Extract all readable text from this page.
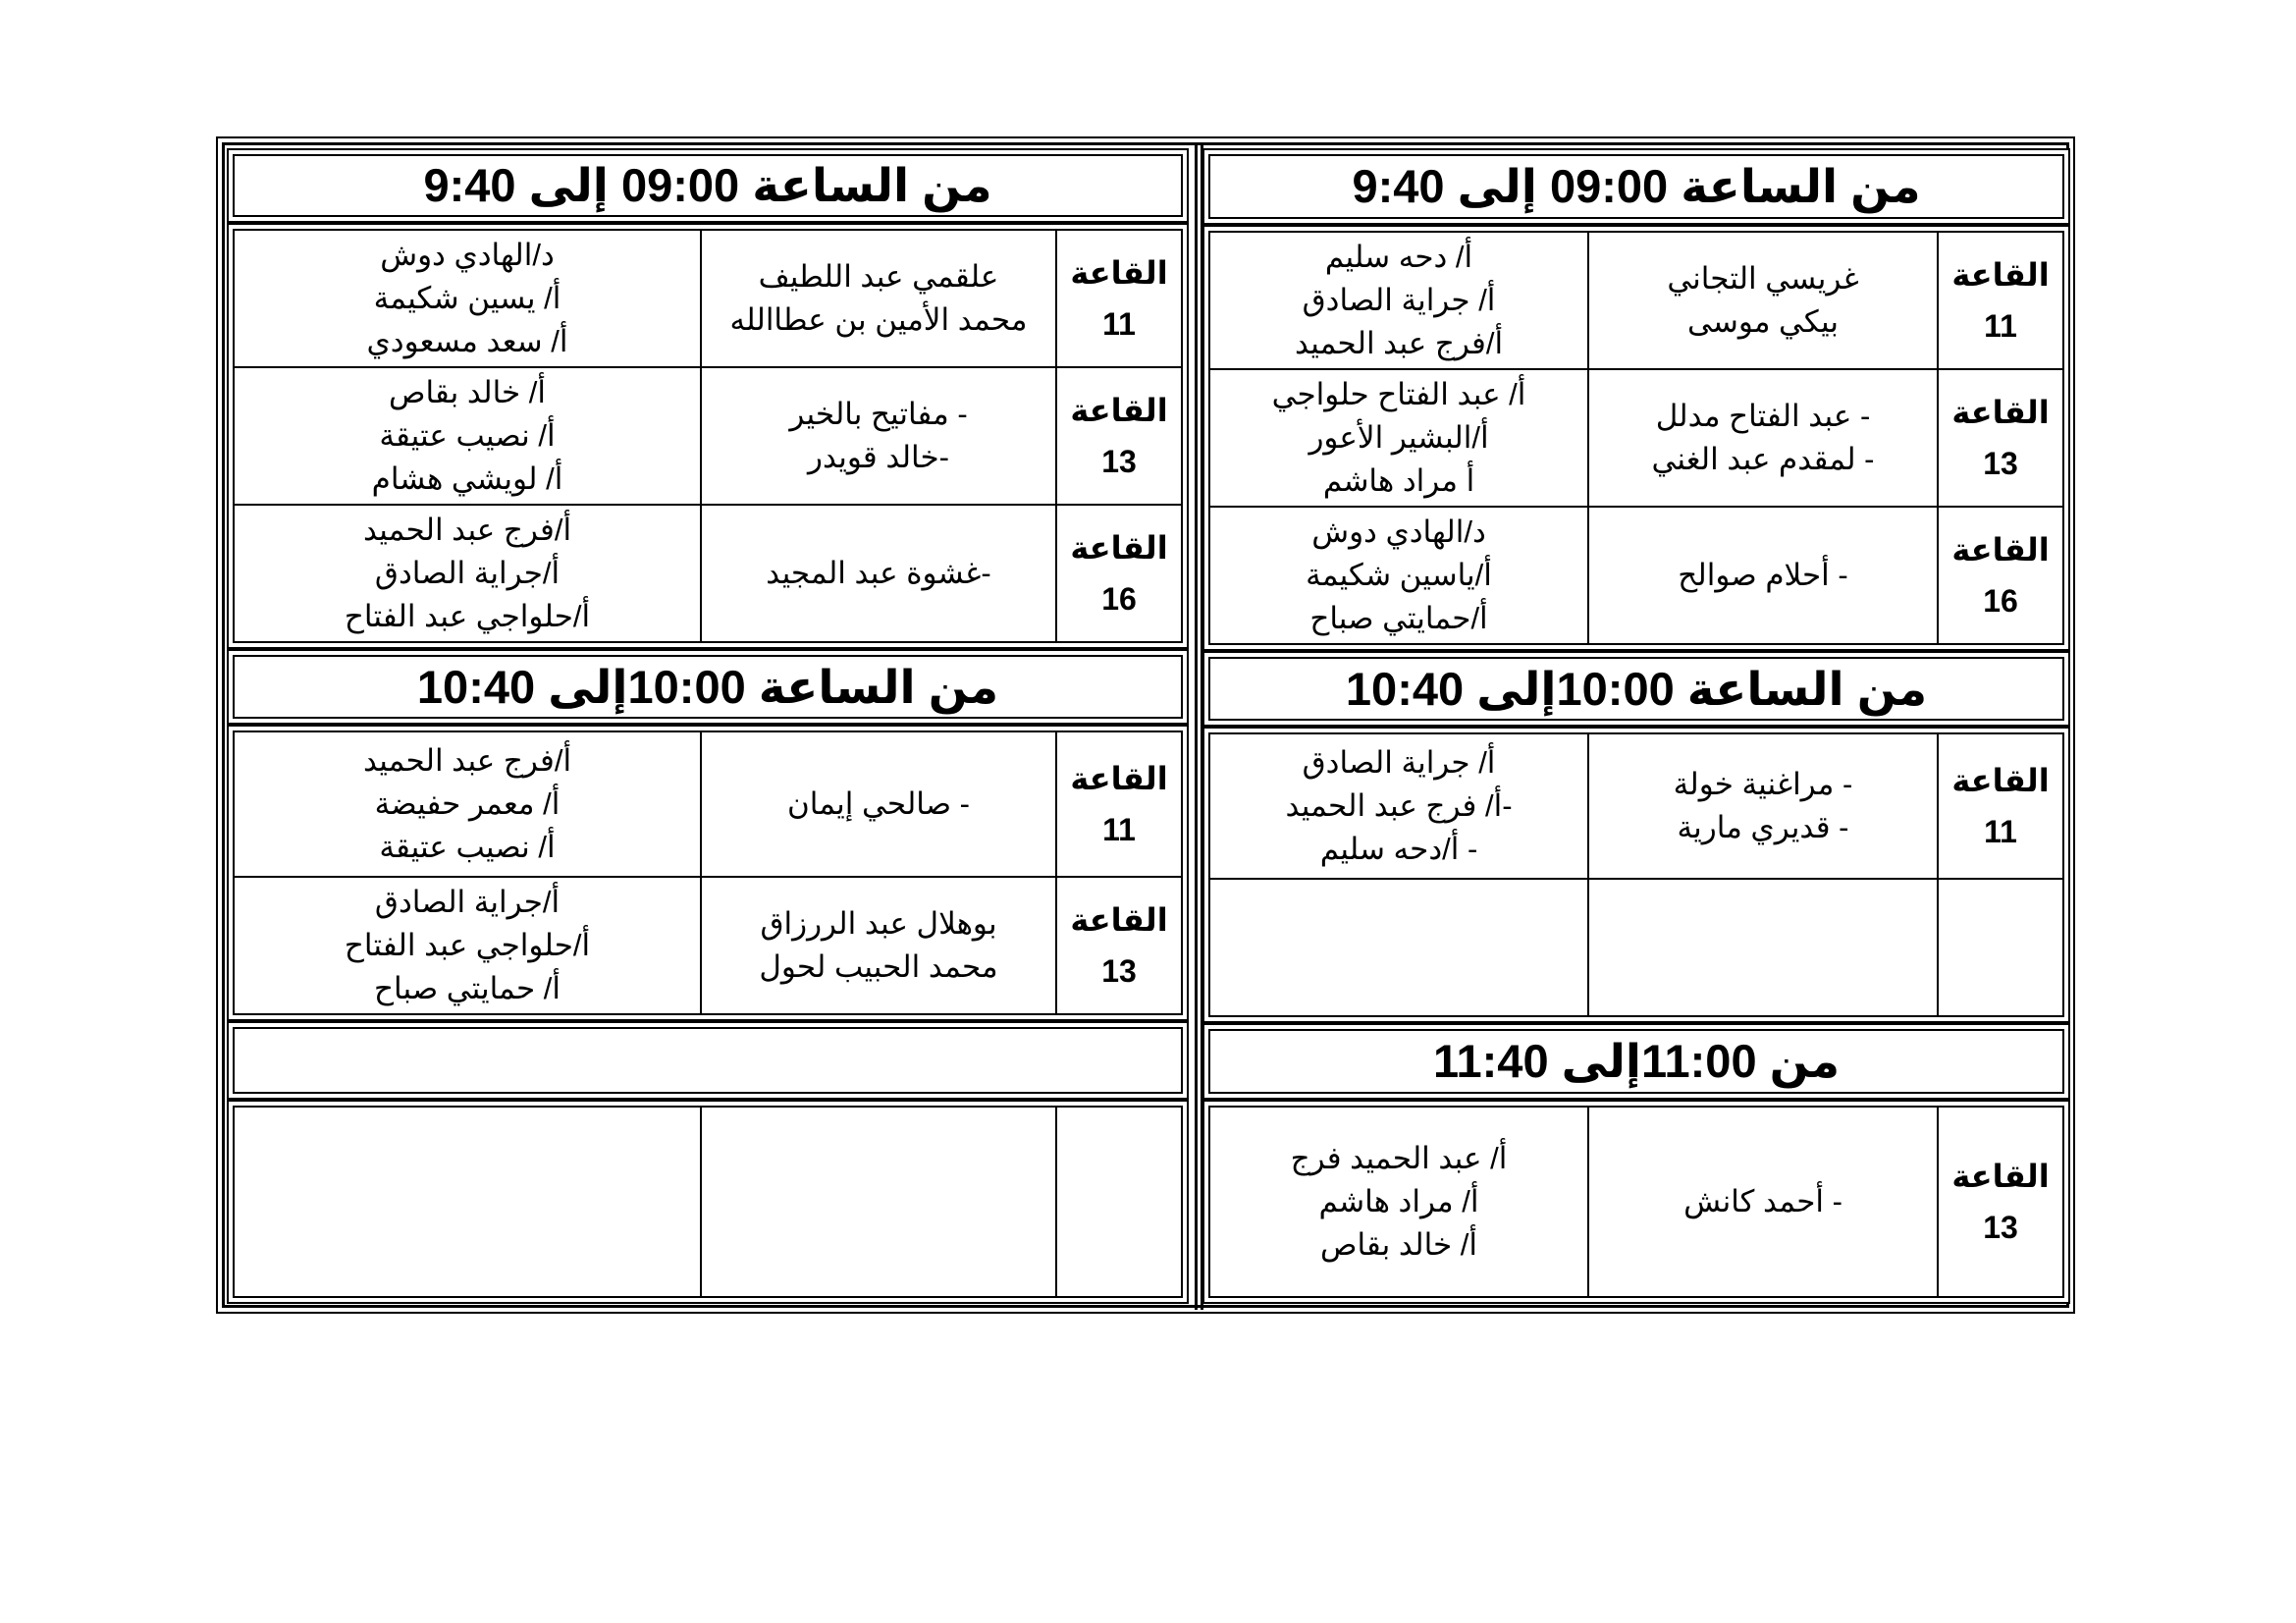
من الساعة 09:00 إلى 9:40
القاعة
11
غريسي التجاني
بيكي موسى
أ/ دحه سليم
أ/ جراية الصادق
أ/فرج عبد الحميد
القاعة
13
- عبد الفتاح مدلل
- لمقدم عبد الغني
أ/ عبد الفتاح حلواجي
أ/البشير الأعور
أ مراد هاشم
القاعة
16
- أحلام صوالح
د/الهادي دوش
أ/ياسين شكيمة
أ/حمايتي صباح
من الساعة 10:00إلى 10:40
القاعة
11
- مراغنية خولة
- قديري مارية
أ/ جراية الصادق
-أ/ فرج عبد الحميد
- أ/دحه سليم
من 11:00إلى 11:40
القاعة
13
- أحمد كانش
أ/ عبد الحميد فرج
أ/ مراد هاشم
أ/ خالد بقاص
من الساعة 09:00 إلى 9:40
القاعة
11
علقمي عبد اللطيف
محمد الأمين بن عطاالله
د/الهادي دوش
أ/ يسين شكيمة
أ/ سعد مسعودي
القاعة
13
- مفاتيح بالخير
-خالد قويدر
أ/ خالد بقاص
أ/ نصيب عتيقة
أ/ لويشي هشام
القاعة
16
-غشوة عبد المجيد
أ/فرج عبد الحميد
أ/جراية الصادق
أ/حلواجي عبد الفتاح
من الساعة 10:00إلى 10:40
القاعة
11
- صالحي إيمان
أ/فرج عبد الحميد
أ/ معمر حفيضة
أ/ نصيب عتيقة
القاعة
13
بوهلال عبد الررزاق
محمد الحبيب لحول
أ/جراية الصادق
أ/حلواجي عبد الفتاح
أ/ حمايتي صباح
